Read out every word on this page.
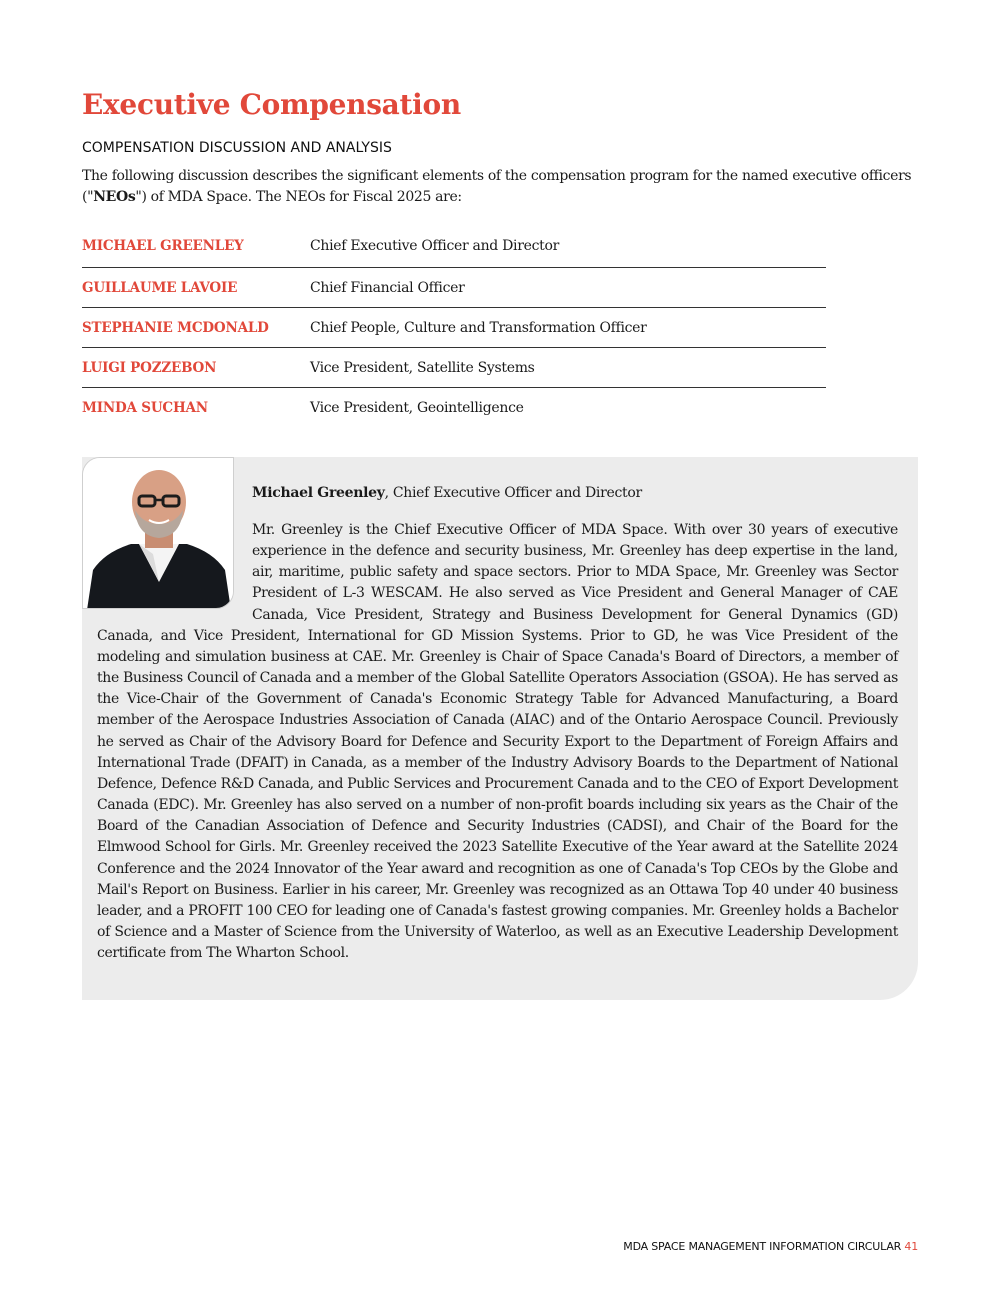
Executive Compensation
COMPENSATION DISCUSSION AND ANALYSIS

The following discussion describes the significant elements of the compensation program for the named executive officers ("NEOs") of MDA Space. The NEOs for Fiscal 2025 are:

MICHAEL GREENLEY	Chief Executive Officer and Director
GUILLAUME LAVOIE	Chief Financial Officer
STEPHANIE MCDONALD	Chief People, Culture and Transformation Officer
LUIGI POZZEBON	Vice President, Satellite Systems
MINDA SUCHAN	Vice President, Geointelligence
Michael Greenley, Chief Executive Officer and Director
Mr. Greenley is the Chief Executive Officer of MDA Space. With over 30 years of executive experience in the defence and security business, Mr. Greenley has deep expertise in the land, air, maritime, public safety and space sectors. Prior to MDA Space, Mr. Greenley was Sector President of L-3 WESCAM. He also served as Vice President and General Manager of CAE Canada, Vice President, Strategy and Business Development for General Dynamics (GD) Canada, and Vice President, International for GD Mission Systems. Prior to GD, he was Vice President of the modeling and simulation business at CAE. Mr. Greenley is Chair of Space Canada's Board of Directors, a member of the Business Council of Canada and a member of the Global Satellite Operators Association (GSOA). He has served as the Vice-Chair of the Government of Canada's Economic Strategy Table for Advanced Manufacturing, a Board member of the Aerospace Industries Association of Canada (AIAC) and of the Ontario Aerospace Council. Previously he served as Chair of the Advisory Board for Defence and Security Export to the Department of Foreign Affairs and International Trade (DFAIT) in Canada, as a member of the Industry Advisory Boards to the Department of National Defence, Defence R&D Canada, and Public Services and Procurement Canada and to the CEO of Export Development Canada (EDC). Mr. Greenley has also served on a number of non-profit boards including six years as the Chair of the Board of the Canadian Association of Defence and Security Industries (CADSI), and Chair of the Board for the Elmwood School for Girls. Mr. Greenley received the 2023 Satellite Executive of the Year award at the Satellite 2024 Conference and the 2024 Innovator of the Year award and recognition as one of Canada's Top CEOs by the Globe and Mail's Report on Business. Earlier in his career, Mr. Greenley was recognized as an Ottawa Top 40 under 40 business leader, and a PROFIT 100 CEO for leading one of Canada's fastest growing companies. Mr. Greenley holds a Bachelor of Science and a Master of Science from the University of Waterloo, as well as an Executive Leadership Development certificate from The Wharton School.
MDA SPACE MANAGEMENT INFORMATION CIRCULAR 41
